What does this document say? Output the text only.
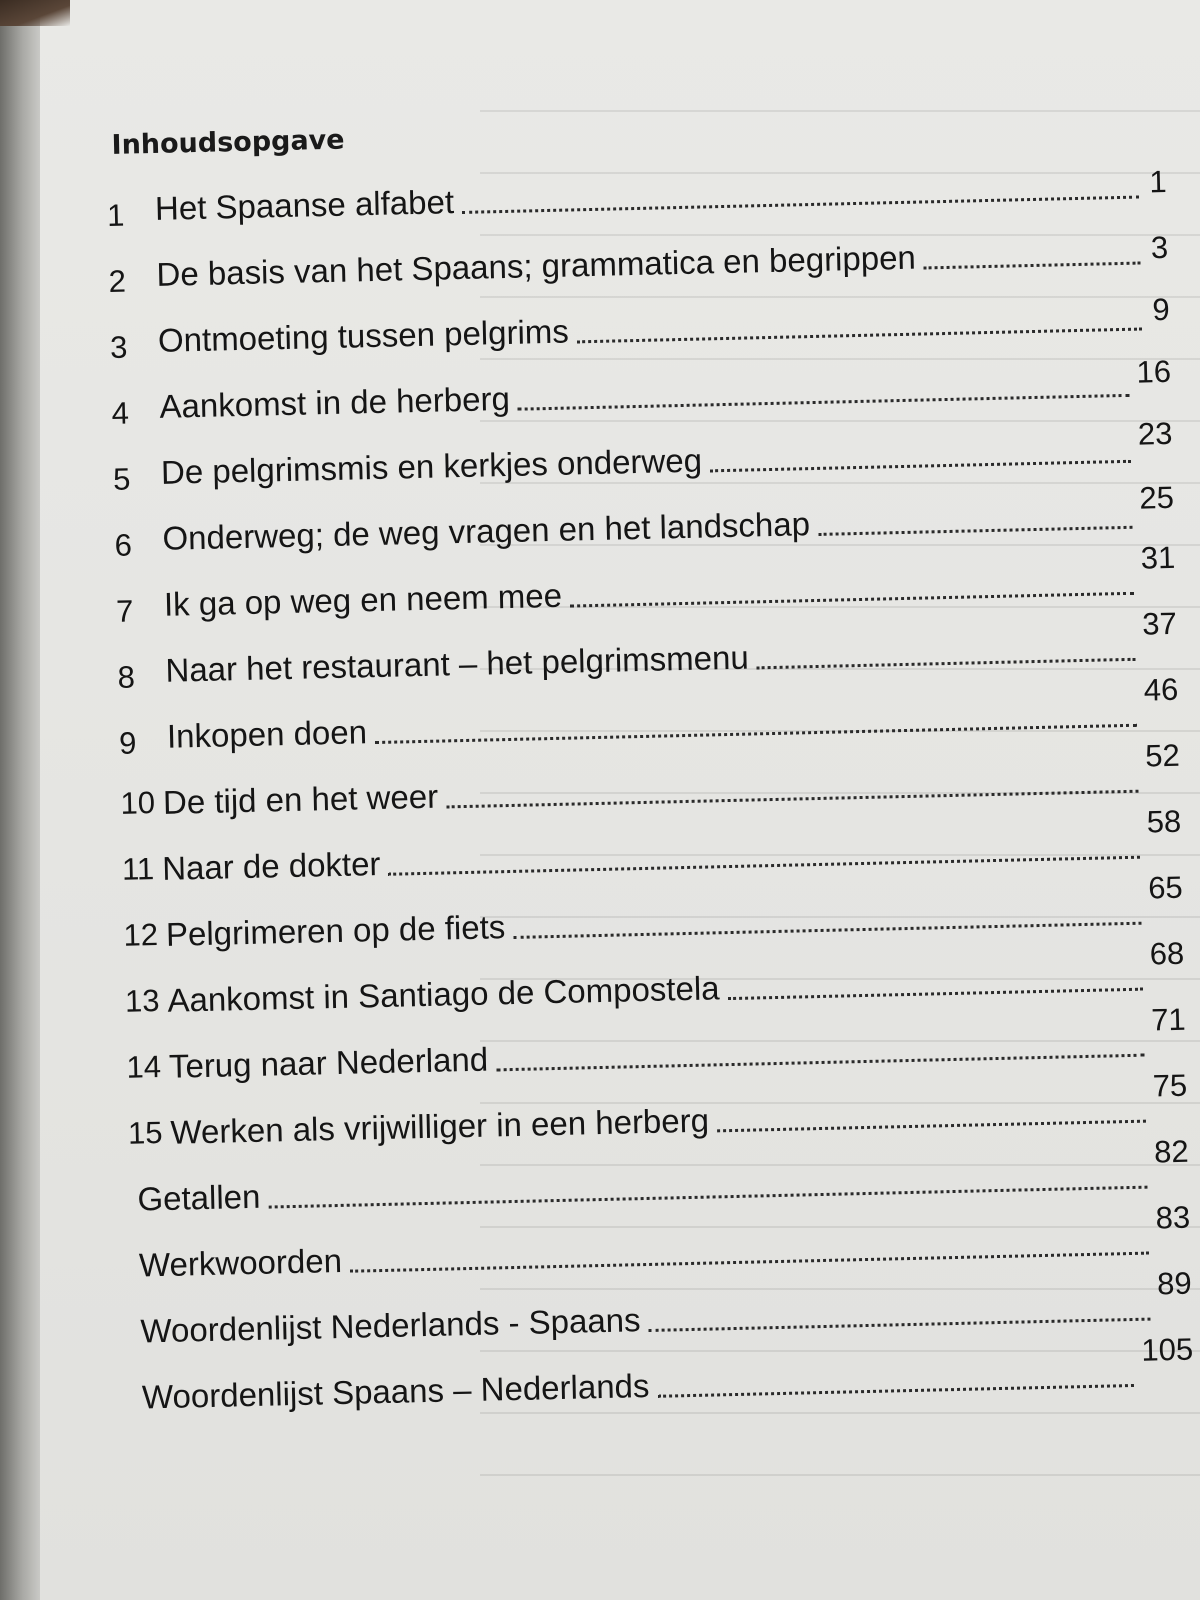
Inhoudsopgave
1 Het Spaanse alfabet
1
2 De basis van het Spaans; grammatica en begrippen	3
3 Ontmoeting tussen pelgrims
9
4 Aankomst in de herberg
16
5 De pelgrimsmis en kerkjes onderweg
23
6 Onderweg; de weg vragen en het landschap
25
7 Ik ga op weg en neem mee
31
8 Naar het restaurant – het pelgrimsmenu
37
9 Inkopen doen
46
10 De tijd en het weer
52
11 Naar de dokter
58
12 Pelgrimeren op de fiets
65
13 Aankomst in Santiago de Compostela
68
14 Terug naar Nederland
71
15 Werken als vrijwilliger in een herberg
75
Getallen
82
Werkwoorden
83
Woordenlijst Nederlands - Spaans
89
Woordenlijst Spaans – Nederlands
105
